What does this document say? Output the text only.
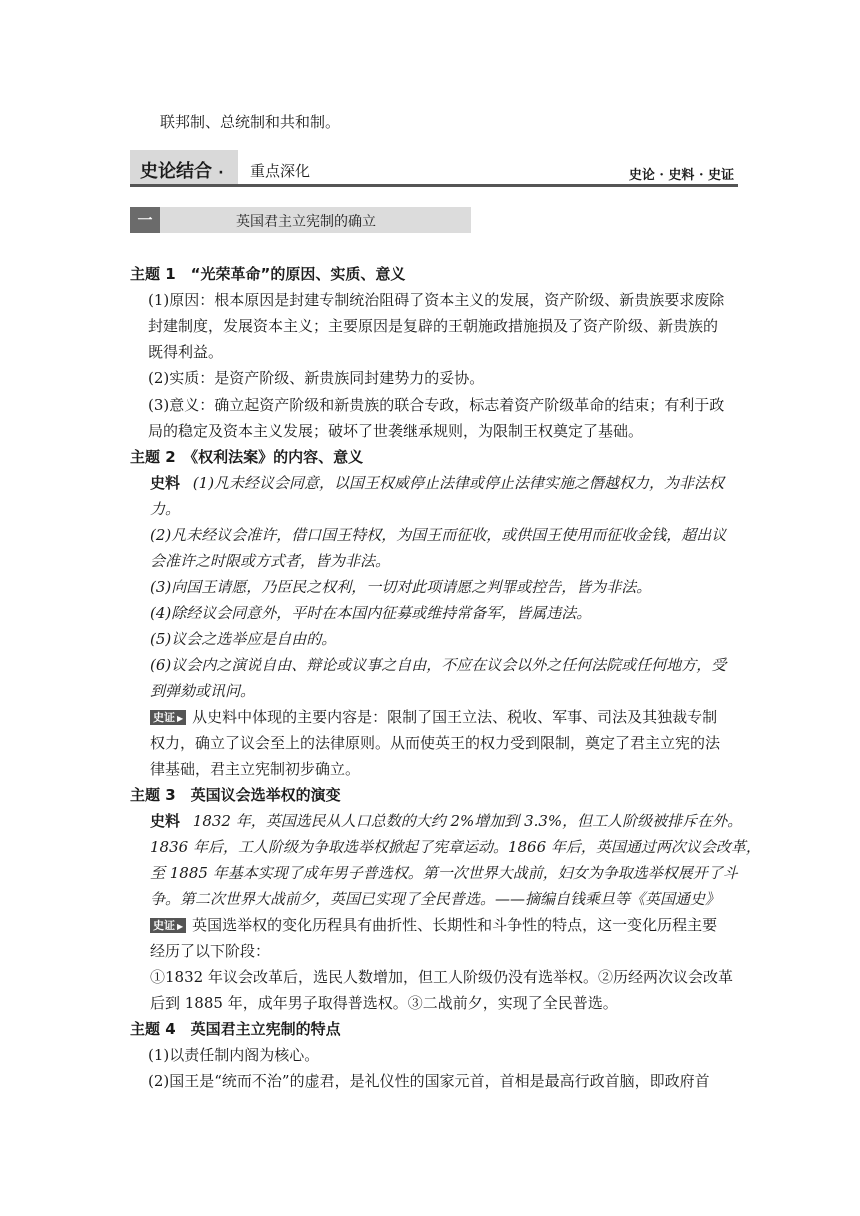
联邦制、总统制和共和制。
史论结合 · 重点深化	史论 · 史料 · 史证
一	英国君主立宪制的确立
主题 1　“光荣革命”的原因、实质、意义
(1)原因：根本原因是封建专制统治阻碍了资本主义的发展，资产阶级、新贵族要求废除
封建制度，发展资本主义；主要原因是复辟的王朝施政措施损及了资产阶级、新贵族的
既得利益。
(2)实质：是资产阶级、新贵族同封建势力的妥协。
(3)意义：确立起资产阶级和新贵族的联合专政，标志着资产阶级革命的结束；有利于政
局的稳定及资本主义发展；破坏了世袭继承规则，为限制王权奠定了基础。
主题 2　《权利法案》的内容、意义
史料 (1)凡未经议会同意，以国王权威停止法律或停止法律实施之僭越权力，为非法权
力。
(2)凡未经议会准许，借口国王特权，为国王而征收，或供国王使用而征收金钱，超出议
会准许之时限或方式者，皆为非法。
(3)向国王请愿，乃臣民之权利，一切对此项请愿之判罪或控告，皆为非法。
(4)除经议会同意外，平时在本国内征募或维持常备军，皆属违法。
(5)议会之选举应是自由的。
(6)议会内之演说自由、辩论或议事之自由，不应在议会以外之任何法院或任何地方，受
到弹劾或讯问。
史证 ▶ 从史料中体现的主要内容是：限制了国王立法、税收、军事、司法及其独裁专制
权力，确立了议会至上的法律原则。从而使英王的权力受到限制，奠定了君主立宪的法
律基础，君主立宪制初步确立。
主题 3　英国议会选举权的演变
史料 1832 年，英国选民从人口总数的大约 2%增加到 3.3%，但工人阶级被排斥在外。
1836 年后，工人阶级为争取选举权掀起了宪章运动。1866 年后，英国通过两次议会改革，
至 1885 年基本实现了成年男子普选权。第一次世界大战前，妇女为争取选举权展开了斗
争。第二次世界大战前夕，英国已实现了全民普选。——摘编自钱乘旦等《英国通史》
史证 ▶ 英国选举权的变化历程具有曲折性、长期性和斗争性的特点，这一变化历程主要
经历了以下阶段：
①1832 年议会改革后，选民人数增加，但工人阶级仍没有选举权。②历经两次议会改革
后到 1885 年，成年男子取得普选权。③二战前夕，实现了全民普选。
主题 4　英国君主立宪制的特点
(1)以责任制内阁为核心。
(2)国王是“统而不治”的虚君，是礼仪性的国家元首，首相是最高行政首脑，即政府首
